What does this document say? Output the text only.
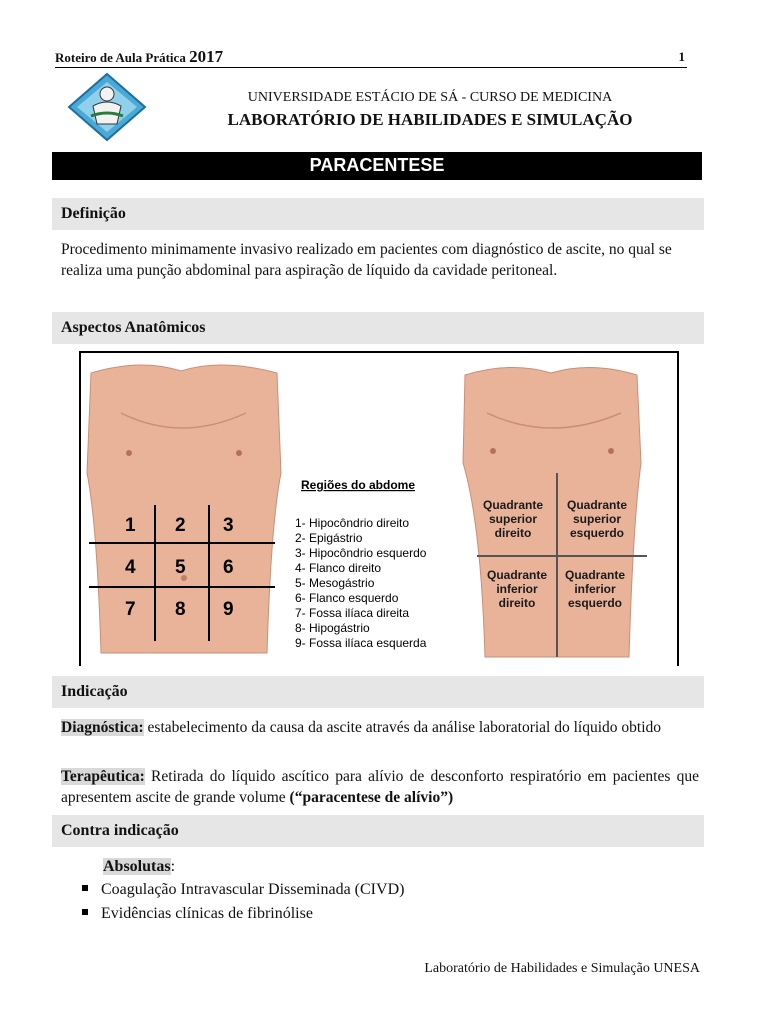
Roteiro de Aula Prática 2017	1
UNIVERSIDADE ESTÁCIO DE SÁ - CURSO DE MEDICINA
LABORATÓRIO DE HABILIDADES E SIMULAÇÃO
PARACENTESE
Definição
Procedimento minimamente invasivo realizado em pacientes com diagnóstico de ascite, no qual se realiza uma punção abdominal para aspiração de líquido da cavidade peritoneal.
Aspectos Anatômicos
1 2 3
4 5 6
7 8 9
Regiões do abdome
1- Hipocôndrio direito
2- Epigástrio
3- Hipocôndrio esquerdo
4- Flanco direito
5- Mesogástrio
6- Flanco esquerdo
7- Fossa ilíaca direita
8- Hipogástrio
9- Fossa ilíaca esquerda
Quadrante
superior
direito
Quadrante
superior
esquerdo
Quadrante
inferior
direito
Quadrante
inferior
esquerdo
Indicação
Diagnóstica: estabelecimento da causa da ascite através da análise laboratorial do líquido obtido
Terapêutica: Retirada do líquido ascítico para alívio de desconforto respiratório em pacientes que apresentem ascite de grande volume (“paracentese de alívio”)
Contra indicação
Absolutas:
Coagulação Intravascular Disseminada (CIVD)
Evidências clínicas de fibrinólise
Laboratório de Habilidades e Simulação UNESA
